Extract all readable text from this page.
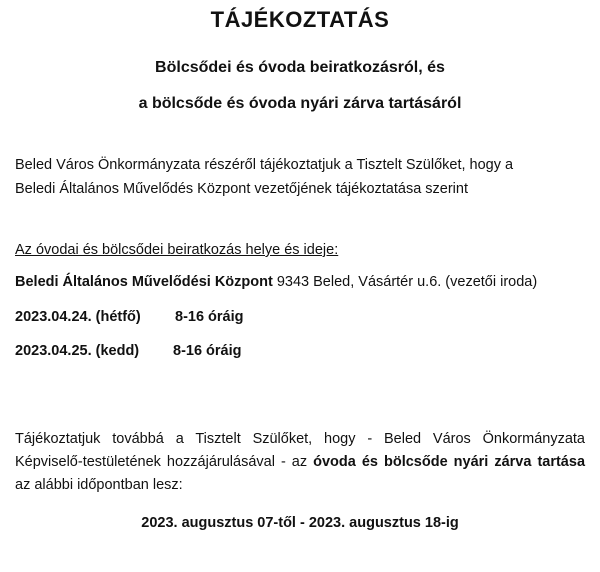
TÁJÉKOZTATÁS
Bölcsődei és óvoda beiratkozásról, és
a bölcsőde és óvoda nyári zárva tartásáról
Beled Város Önkormányzata részéről tájékoztatjuk a Tisztelt Szülőket, hogy a
Beledi Általános Művelődés Központ vezetőjének tájékoztatása szerint
Az óvodai és bölcsődei beiratkozás helye és ideje:
Beledi Általános Művelődési Központ 9343 Beled, Vásártér u.6. (vezetői iroda)
2023.04.24. (hétfő) 8-16 óráig
2023.04.25. (kedd) 8-16 óráig
Tájékoztatjuk továbbá a Tisztelt Szülőket, hogy - Beled Város Önkormányzata Képviselő-testületének hozzájárulásával - az óvoda és bölcsőde nyári zárva tartása az alábbi időpontban lesz:
2023. augusztus 07-től - 2023. augusztus 18-ig
